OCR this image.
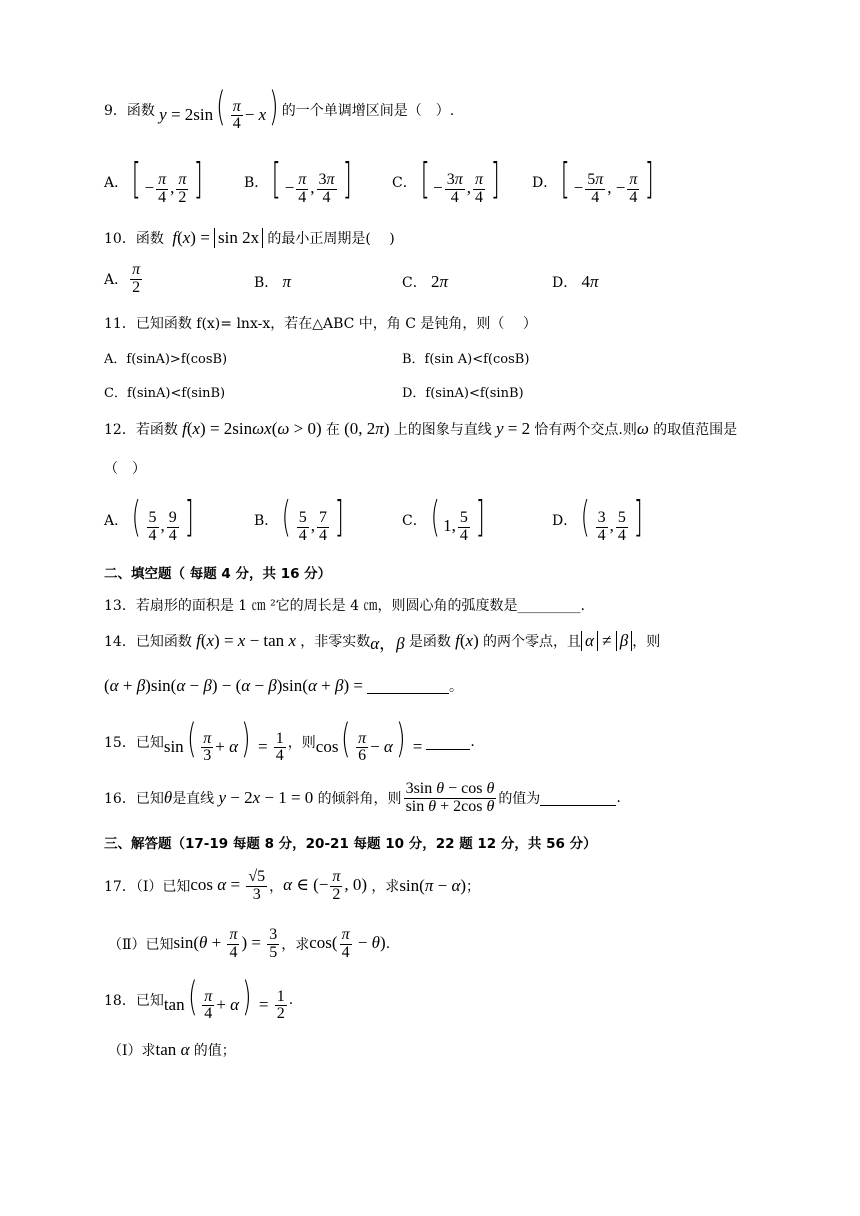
9．函数 $y = 2\sin( \frac{\pi}{4} - x)$ 的一个单调增区间是（　）.
A． [ − $\frac{\pi}{4}$ , $\frac{\pi}{2}$ ]	B． [ − $\frac{\pi}{4}$ , $\frac{3\pi}{4}$ ]	C． [ − $\frac{3\pi}{4}$ , $\frac{\pi}{4}$ ] D． [ − $\frac{5\pi}{4}$ , − $\frac{\pi}{4}$ ]
10．函数 f(x) = sin 2x 的最小正周期是(　 )
A． $\frac{\pi}{2}$	B． π	C． 2π	D． 4π
11．已知函数 f(x)= lnx-x，若在△ABC 中，角 C 是钝角，则（　 ）
A．f(sinA)>f(cosB)	B．f(sin A)<f(cosB)
C．f(sinA)<f(sinB)	D．f(sinA)<f(sinB)
12．若函数 f(x) = 2sinωx(ω > 0) 在 (0, 2π) 上的图象与直线 y = 2 恰有两个交点.则 ω 的取值范围是
（　）
A． ( $\frac{5}{4}$ , $\frac{9}{4}$ ]	B． ( $\frac{5}{4}$ , $\frac{7}{4}$ ]	C． ( 1, $\frac{5}{4}$ ]	D． ( $\frac{3}{4}$ , $\frac{5}{4}$ ]
二、填空题（ 每题 4 分，共 16 分）
13．若扇形的面积是 1 ㎝ ²它的周长是 4 ㎝，则圆心角的弧度数是_________.
14．已知函数 f(x) = x − tan x ，非零实数 α，β 是函数 f(x) 的两个零点，且 α ≠ β ，则
(α + β)sin(α − β) − (α − β)sin(α + β) =	。
15．已知 $\sin( \frac{\pi}{3} + \alpha) = \frac{1}{4}$ ，则 $\cos( \frac{\pi}{6} - \alpha)$ =	.
16．已知 θ 是直线 y − 2x − 1 = 0 的倾斜角，则 $\frac{\text{3sin θ − cos θ}}{\text{sin θ + 2cos θ}}$ 的值为	.
三、解答题（17-19 每题 8 分，20-21 每题 10 分，22 题 12 分，共 56 分）
17．（Ⅰ）已知 $\cos \alpha = \frac{√5}{3}$ ， α ∈ (− $\frac{\pi}{2}$ , 0) ，求 sin(π − α) ；
（Ⅱ）已知 $\sin(\theta + \frac{\pi}{4}$ ) = $\frac{3}{5}$ ，求 $\cos( \frac{\pi}{4} - \theta)$ .
18．已知 $\tan( \frac{\pi}{4} + \alpha) = \frac{1}{2}$ .
（Ⅰ）求 tan α 的值；
